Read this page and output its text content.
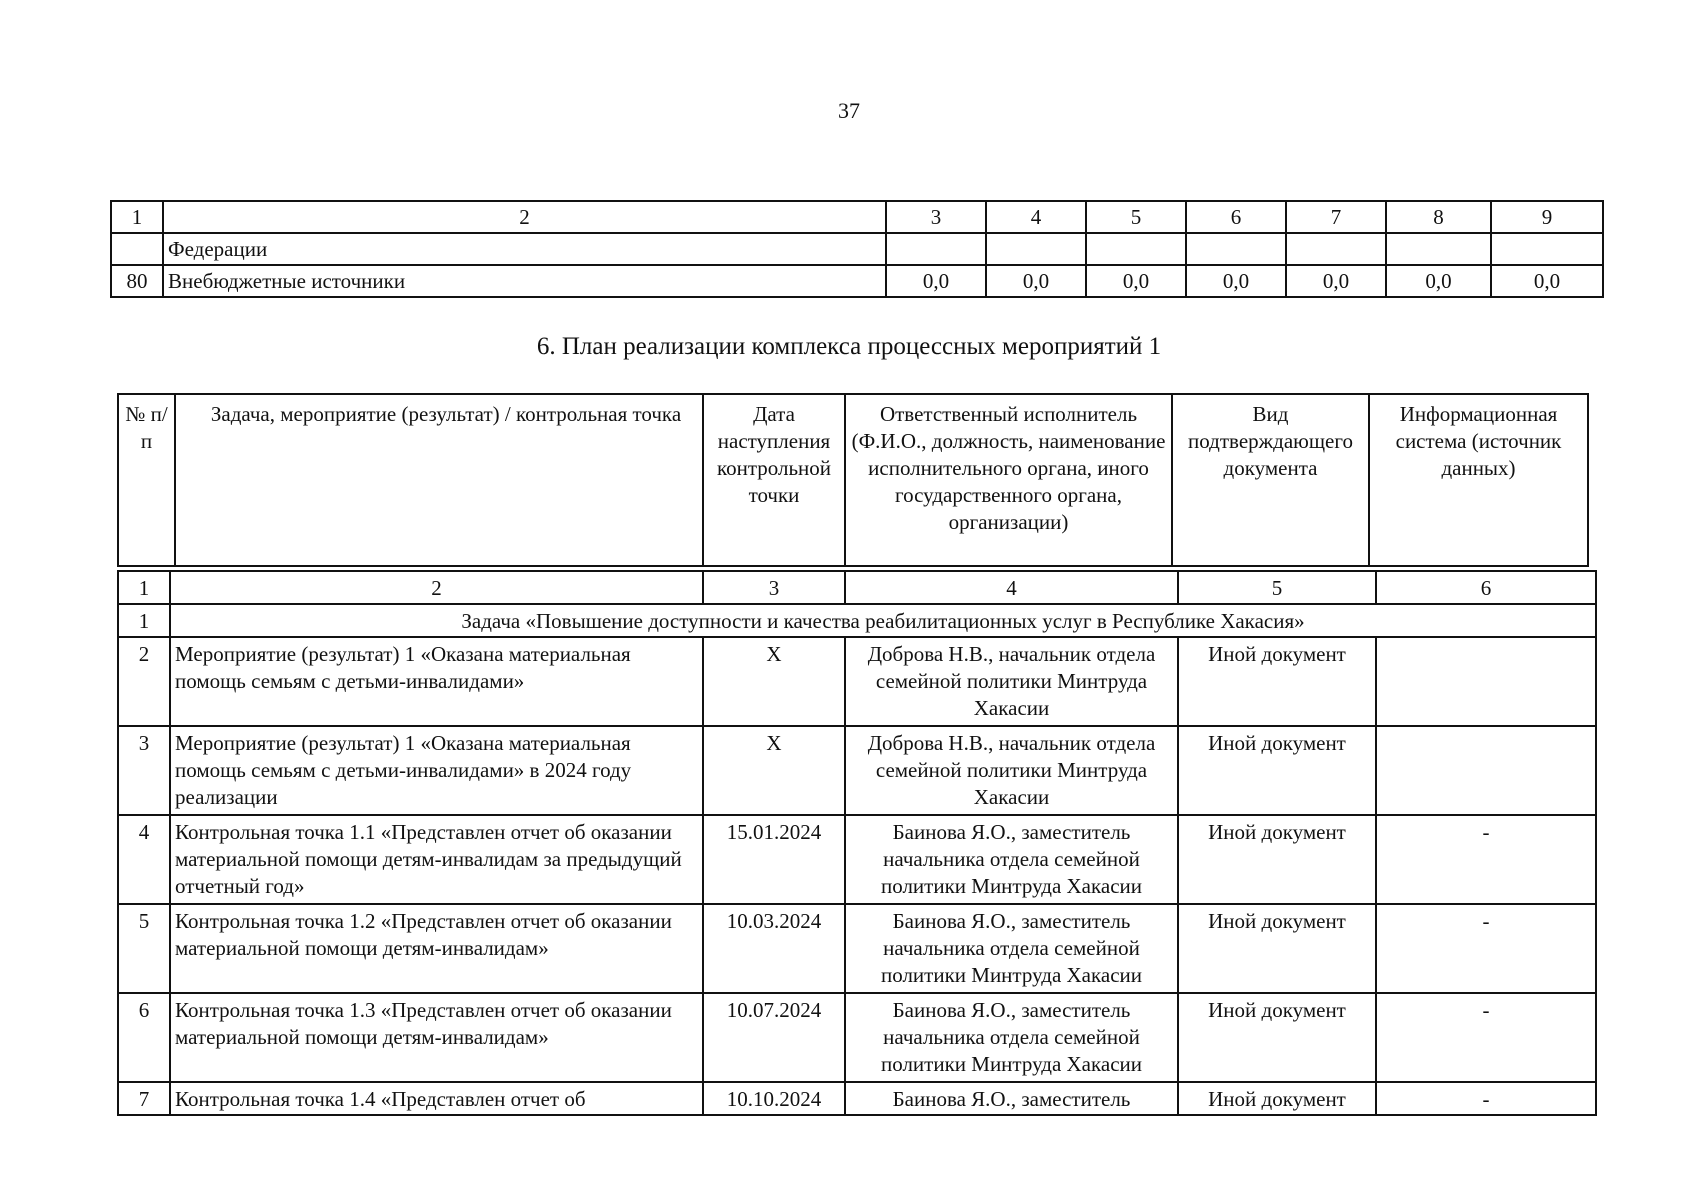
37
1	2	3	4	5	6	7	8	9
	Федерации							
80	Внебюджетные источники	0,0	0,0	0,0	0,0	0,0	0,0	0,0
6. План реализации комплекса процессных мероприятий 1
№ п/п	Задача, мероприятие (результат) / контрольная точка	Дата наступления контрольной точки	Ответственный исполнитель (Ф.И.О., должность, наименование исполнительного органа, иного государственного органа, организации)	Вид подтверждающего документа	Информационная система (источник данных)
1	2	3	4	5	6
1	Задача «Повышение доступности и качества реабилитационных услуг в Республике Хакасия»				
2	Мероприятие (результат) 1 «Оказана материальная помощь семьям с детьми-инвалидами»	X	Доброва Н.В., начальник отдела семейной политики Минтруда Хакасии	Иной документ	
3	Мероприятие (результат) 1 «Оказана материальная помощь семьям с детьми-инвалидами» в 2024 году реализации	X	Доброва Н.В., начальник отдела семейной политики Минтруда Хакасии	Иной документ	
4	Контрольная точка 1.1 «Представлен отчет об оказании материальной помощи детям-инвалидам за предыдущий отчетный год»	15.01.2024	Баинова Я.О., заместитель начальника отдела семейной политики Минтруда Хакасии	Иной документ	-
5	Контрольная точка 1.2 «Представлен отчет об оказании материальной помощи детям-инвалидам»	10.03.2024	Баинова Я.О., заместитель начальника отдела семейной политики Минтруда Хакасии	Иной документ	-
6	Контрольная точка 1.3 «Представлен отчет об оказании материальной помощи детям-инвалидам»	10.07.2024	Баинова Я.О., заместитель начальника отдела семейной политики Минтруда Хакасии	Иной документ	-
7	Контрольная точка 1.4 «Представлен отчет об	10.10.2024	Баинова Я.О., заместитель	Иной документ	-
